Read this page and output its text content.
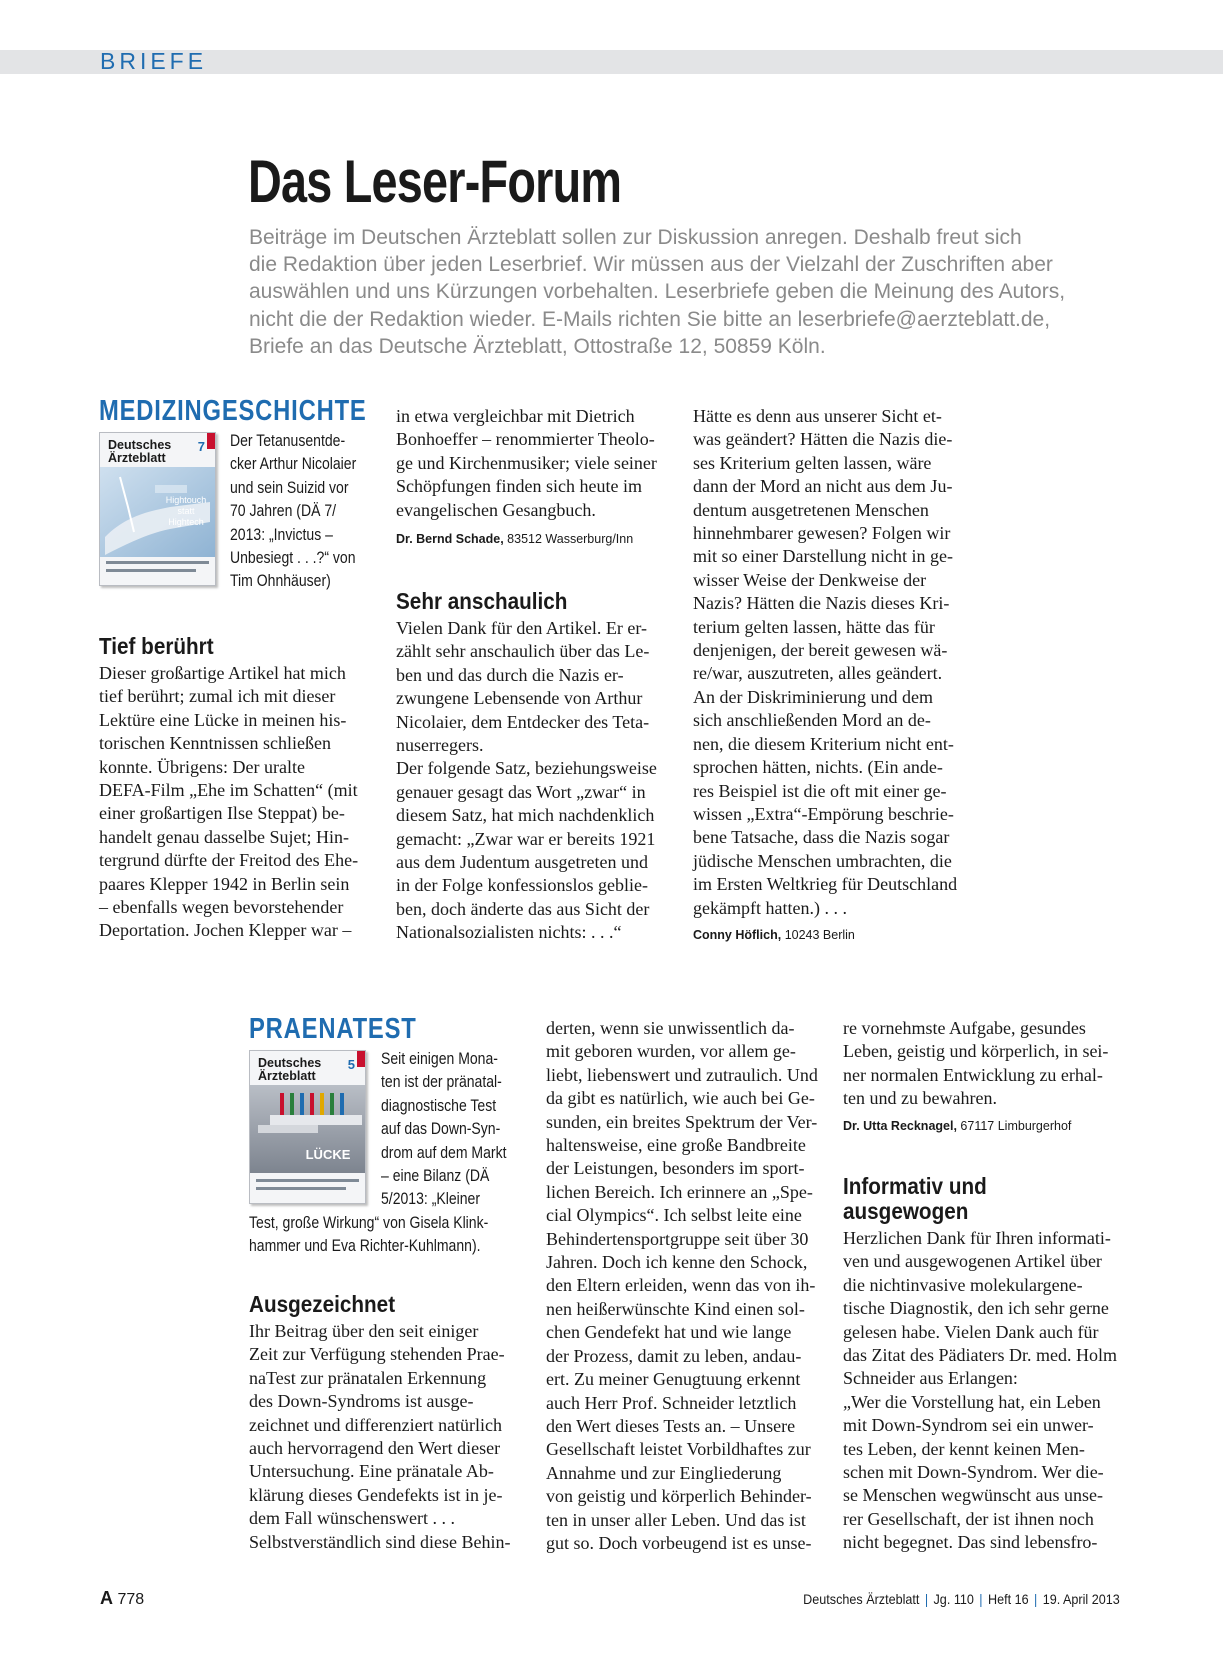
BRIEFE
Das Leser-Forum
Beiträge im Deutschen Ärzteblatt sollen zur Diskussion anregen. Deshalb freut sich
die Redaktion über jeden Leserbrief. Wir müssen aus der Vielzahl der Zuschriften aber
auswählen und uns Kürzungen vorbehalten. Leserbriefe geben die Meinung des Autors,
nicht die der Redaktion wieder. E-Mails richten Sie bitte an leserbriefe@aerzteblatt.de,
Briefe an das Deutsche Ärzteblatt, Ottostraße 12, 50859 Köln.
MEDIZINGESCHICHTE
Deutsches
Ärzteblatt
7
Hightouch
statt
Hightech
Der Tetanusentde-
cker Arthur Nicolaier
und sein Suizid vor
70 Jahren (DÄ 7/
2013: „Invictus –
Unbesiegt . . .?“ von
Tim Ohnhäuser)
Tief berührt
Dieser großartige Artikel hat mich
tief berührt; zumal ich mit dieser
Lektüre eine Lücke in meinen his-
torischen Kenntnissen schließen
konnte. Übrigens: Der uralte
DEFA-Film „Ehe im Schatten“ (mit
einer großartigen Ilse Steppat) be-
handelt genau dasselbe Sujet; Hin-
tergrund dürfte der Freitod des Ehe-
paares Klepper 1942 in Berlin sein
– ebenfalls wegen bevorstehender
Deportation. Jochen Klepper war –
in etwa vergleichbar mit Dietrich
Bonhoeffer – renommierter Theolo-
ge und Kirchenmusiker; viele seiner
Schöpfungen finden sich heute im
evangelischen Gesangbuch.
Dr. Bernd Schade, 83512 Wasserburg/Inn
Sehr anschaulich
Vielen Dank für den Artikel. Er er-
zählt sehr anschaulich über das Le-
ben und das durch die Nazis er-
zwungene Lebensende von Arthur
Nicolaier, dem Entdecker des Teta-
nuserregers.
Der folgende Satz, beziehungsweise
genauer gesagt das Wort „zwar“ in
diesem Satz, hat mich nachdenklich
gemacht: „Zwar war er bereits 1921
aus dem Judentum ausgetreten und
in der Folge konfessionslos geblie-
ben, doch änderte das aus Sicht der
Nationalsozialisten nichts: . . .“
Hätte es denn aus unserer Sicht et-
was geändert? Hätten die Nazis die-
ses Kriterium gelten lassen, wäre
dann der Mord an nicht aus dem Ju-
dentum ausgetretenen Menschen
hinnehmbarer gewesen? Folgen wir
mit so einer Darstellung nicht in ge-
wisser Weise der Denkweise der
Nazis? Hätten die Nazis dieses Kri-
terium gelten lassen, hätte das für
denjenigen, der bereit gewesen wä-
re/war, auszutreten, alles geändert.
An der Diskriminierung und dem
sich anschließenden Mord an de-
nen, die diesem Kriterium nicht ent-
sprochen hätten, nichts. (Ein ande-
res Beispiel ist die oft mit einer ge-
wissen „Extra“-Empörung beschrie-
bene Tatsache, dass die Nazis sogar
jüdische Menschen umbrachten, die
im Ersten Weltkrieg für Deutschland
gekämpft hatten.) . . .
Conny Höflich, 10243 Berlin
PRAENATEST
Deutsches
Ärzteblatt
5
LÜCKE
Seit einigen Mona-
ten ist der pränatal-
diagnostische Test
auf das Down-Syn-
drom auf dem Markt
– eine Bilanz (DÄ
5/2013: „Kleiner
Test, große Wirkung“ von Gisela Klink-
hammer und Eva Richter-Kuhlmann).
Ausgezeichnet
Ihr Beitrag über den seit einiger
Zeit zur Verfügung stehenden Prae-
naTest zur pränatalen Erkennung
des Down-Syndroms ist ausge-
zeichnet und differenziert natürlich
auch hervorragend den Wert dieser
Untersuchung. Eine pränatale Ab-
klärung dieses Gendefekts ist in je-
dem Fall wünschenswert . . .
Selbstverständlich sind diese Behin-
derten, wenn sie unwissentlich da-
mit geboren wurden, vor allem ge-
liebt, liebenswert und zutraulich. Und
da gibt es natürlich, wie auch bei Ge-
sunden, ein breites Spektrum der Ver-
haltensweise, eine große Bandbreite
der Leistungen, besonders im sport-
lichen Bereich. Ich erinnere an „Spe-
cial Olympics“. Ich selbst leite eine
Behindertensportgruppe seit über 30
Jahren. Doch ich kenne den Schock,
den Eltern erleiden, wenn das von ih-
nen heißerwünschte Kind einen sol-
chen Gendefekt hat und wie lange
der Prozess, damit zu leben, andau-
ert. Zu meiner Genugtuung erkennt
auch Herr Prof. Schneider letztlich
den Wert dieses Tests an. – Unsere
Gesellschaft leistet Vorbildhaftes zur
Annahme und zur Eingliederung
von geistig und körperlich Behinder-
ten in unser aller Leben. Und das ist
gut so. Doch vorbeugend ist es unse-
re vornehmste Aufgabe, gesundes
Leben, geistig und körperlich, in sei-
ner normalen Entwicklung zu erhal-
ten und zu bewahren.
Dr. Utta Recknagel, 67117 Limburgerhof
Informativ und
ausgewogen
Herzlichen Dank für Ihren informati-
ven und ausgewogenen Artikel über
die nichtinvasive molekulargene-
tische Diagnostik, den ich sehr gerne
gelesen habe. Vielen Dank auch für
das Zitat des Pädiaters Dr. med. Holm
Schneider aus Erlangen:
„Wer die Vorstellung hat, ein Leben
mit Down-Syndrom sei ein unwer-
tes Leben, der kennt keinen Men-
schen mit Down-Syndrom. Wer die-
se Menschen wegwünscht aus unse-
rer Gesellschaft, der ist ihnen noch
nicht begegnet. Das sind lebensfro-
A 778	Deutsches Ärzteblatt | Jg. 110 | Heft 16 | 19. April 2013
